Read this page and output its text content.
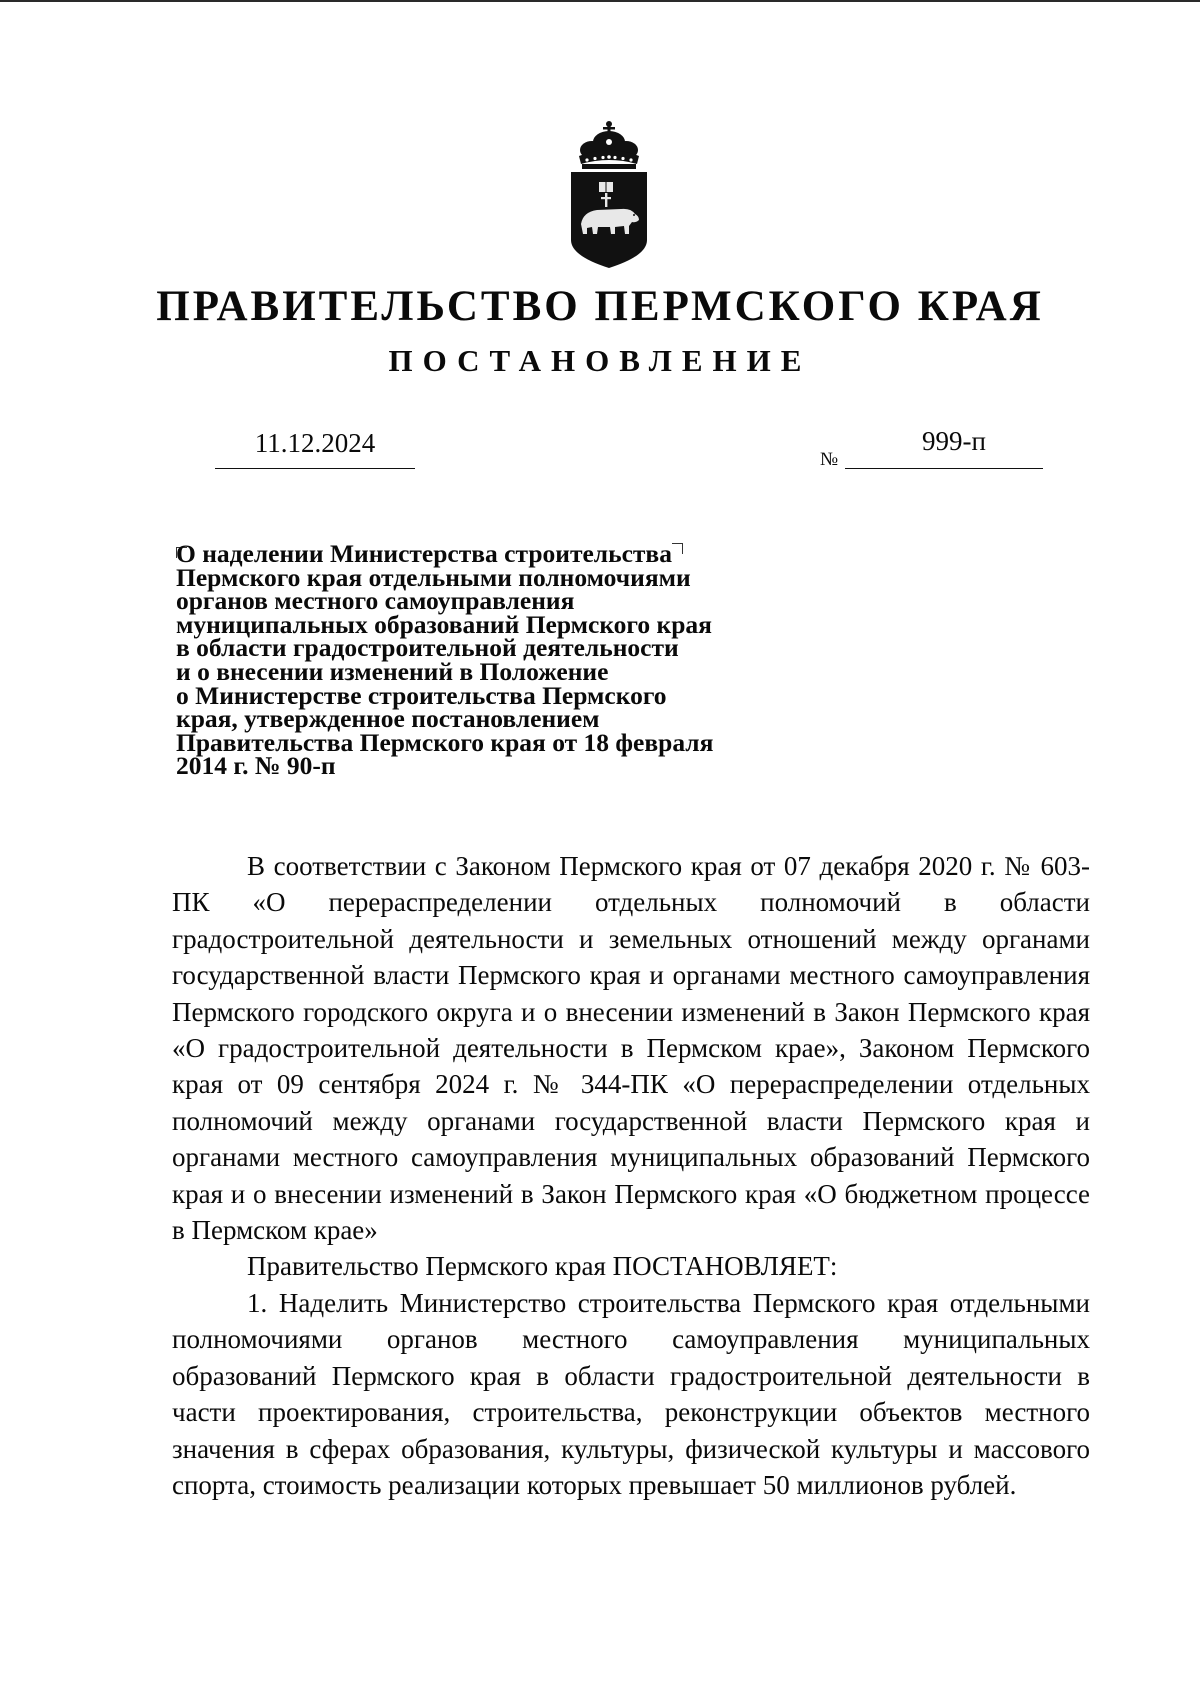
ПРАВИТЕЛЬСТВО ПЕРМСКОГО КРАЯ
ПОСТАНОВЛЕНИЕ
11.12.2024
№
999-п
О наделении Министерства строительства
Пермского края отдельными полномочиями
органов местного самоуправления
муниципальных образований Пермского края
в области градостроительной деятельности
и о внесении изменений в Положение
о Министерстве строительства Пермского
края, утвержденное постановлением
Правительства Пермского края от 18 февраля
2014 г. № 90-п

В соответствии с Законом Пермского края от 07 декабря 2020 г. № 603-ПК «О перераспределении отдельных полномочий в области градостроительной деятельности и земельных отношений между органами государственной власти Пермского края и органами местного самоуправления Пермского городского округа и о внесении изменений в Закон Пермского края «О градостроительной деятельности в Пермском крае», Законом Пермского края от 09 сентября 2024 г. № 344-ПК «О перераспределении отдельных полномочий между органами государственной власти Пермского края и органами местного самоуправления муниципальных образований Пермского края и о внесении изменений в Закон Пермского края «О бюджетном процессе в Пермском крае»

Правительство Пермского края ПОСТАНОВЛЯЕТ:

1. Наделить Министерство строительства Пермского края отдельными полномочиями органов местного самоуправления муниципальных образований Пермского края в области градостроительной деятельности в части проектирования, строительства, реконструкции объектов местного значения в сферах образования, культуры, физической культуры и массового спорта, стоимость реализации которых превышает 50 миллионов рублей.
